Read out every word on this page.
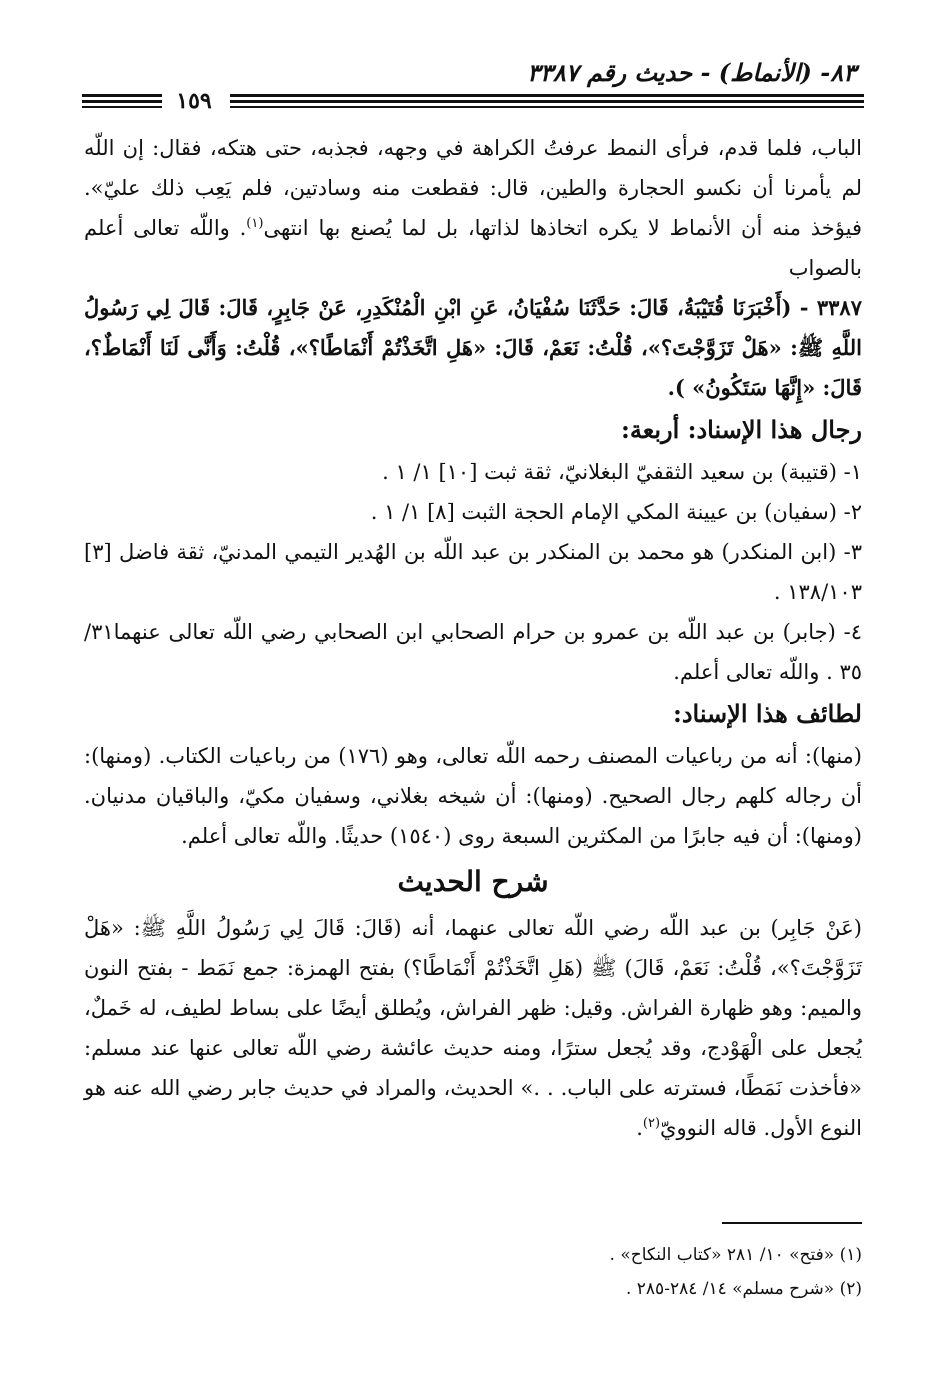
٨٣- (الأنماط) - حديث رقم ٣٣٨٧
١٥٩

الباب، فلما قدم، فرأى النمط عرفتُ الكراهة في وجهه، فجذبه، حتى هتكه، فقال: إن اللّه لم يأمرنا أن نكسو الحجارة والطين، قال: فقطعت منه وسادتين، فلم يَعِب ذلك عليّ». فيؤخذ منه أن الأنماط لا يكره اتخاذها لذاتها، بل لما يُصنع بها انتهى$^{(١)}$. واللّه تعالى أعلم بالصواب

٣٣٨٧ - (أَخْبَرَنَا قُتَيْبَةُ، قَالَ: حَدَّثَنَا سُفْيَانُ، عَنِ ابْنِ الْمُنْكَدِرِ، عَنْ جَابِرٍ، قَالَ: قَالَ لِي رَسُولُ اللَّهِ ﷺ: «هَلْ تَزَوَّجْتَ؟»، قُلْتُ: نَعَمْ، قَالَ: «هَلِ اتَّخَذْتُمْ أَنْمَاطًا؟»، قُلْتُ: وَأَنَّى لَنَا أَنْمَاطٌ؟، قَالَ: «إِنَّهَا سَتَكُونُ» ).

رجال هذا الإسناد: أربعة:

١- (قتيبة) بن سعيد الثقفيّ البغلانيّ، ثقة ثبت [١٠] ١/ ١ .

٢- (سفيان) بن عيينة المكي الإمام الحجة الثبت [٨] ١/ ١ .

٣- (ابن المنكدر) هو محمد بن المنكدر بن عبد اللّه بن الهُدير التيمي المدنيّ، ثقة فاضل [٣] ١٣٨/١٠٣ .

٤- (جابر) بن عبد اللّه بن عمرو بن حرام الصحابي ابن الصحابي رضي اللّه تعالى عنهما٣١/ ٣٥ . واللّه تعالى أعلم.

لطائف هذا الإسناد:

(منها): أنه من رباعيات المصنف رحمه اللّه تعالى، وهو (١٧٦) من رباعيات الكتاب. (ومنها): أن رجاله كلهم رجال الصحيح. (ومنها): أن شيخه بغلاني، وسفيان مكيّ، والباقيان مدنيان. (ومنها): أن فيه جابرًا من المكثرين السبعة روى (١٥٤٠) حديثًا. واللّه تعالى أعلم.

شرح الحديث

(عَنْ جَابِر) بن عبد اللّه رضي اللّه تعالى عنهما، أنه (قَالَ: قَالَ لِي رَسُولُ اللَّهِ ﷺ: «هَلْ تَزَوَّجْتَ؟»، قُلْتُ: نَعَمْ، قَالَ) ﷺ (هَلِ اتَّخَذْتُمْ أَنْمَاطًا؟) بفتح الهمزة: جمع نَمَط - بفتح النون والميم: وهو ظهارة الفراش. وقيل: ظهر الفراش، ويُطلق أيضًا على بساط لطيف، له خَملٌ، يُجعل على الْهَوْدج، وقد يُجعل سترًا، ومنه حديث عائشة رضي اللّه تعالى عنها عند مسلم: «فأخذت نَمَطًا، فسترته على الباب. . .» الحديث، والمراد في حديث جابر رضي الله عنه هو النوع الأول. قاله النوويّ$^{(٢)}$.

(١) «فتح» ١٠/ ٢٨١ «كتاب النكاح» .

(٢) «شرح مسلم» ١٤/ ٢٨٤-٢٨٥ .
